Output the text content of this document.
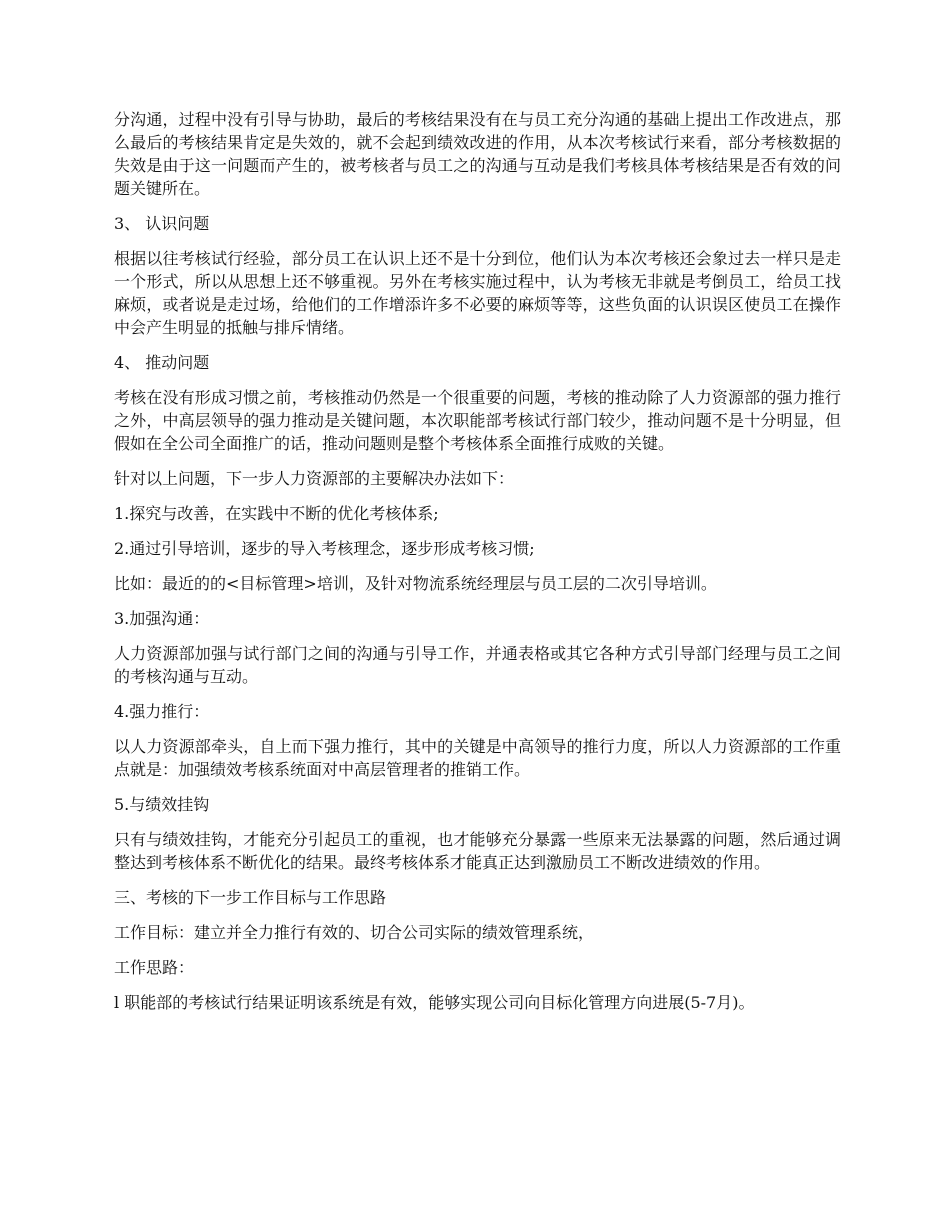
分沟通，过程中没有引导与协助，最后的考核结果没有在与员工充分沟通的基础上提出工作改进点，那么最后的考核结果肯定是失效的，就不会起到绩效改进的作用，从本次考核试行来看，部分考核数据的失效是由于这一问题而产生的，被考核者与员工之的沟通与互动是我们考核具体考核结果是否有效的问题关键所在。

3、 认识问题

根据以往考核试行经验，部分员工在认识上还不是十分到位，他们认为本次考核还会象过去一样只是走一个形式，所以从思想上还不够重视。另外在考核实施过程中，认为考核无非就是考倒员工，给员工找麻烦，或者说是走过场，给他们的工作增添许多不必要的麻烦等等，这些负面的认识误区使员工在操作中会产生明显的抵触与排斥情绪。

4、 推动问题

考核在没有形成习惯之前，考核推动仍然是一个很重要的问题，考核的推动除了人力资源部的强力推行之外，中高层领导的强力推动是关键问题，本次职能部考核试行部门较少，推动问题不是十分明显，但假如在全公司全面推广的话，推动问题则是整个考核体系全面推行成败的关键。

针对以上问题，下一步人力资源部的主要解决办法如下：

1.探究与改善，在实践中不断的优化考核体系;

2.通过引导培训，逐步的导入考核理念，逐步形成考核习惯;

比如：最近的的<目标管理>培训，及针对物流系统经理层与员工层的二次引导培训。

3.加强沟通：

人力资源部加强与试行部门之间的沟通与引导工作，并通表格或其它各种方式引导部门经理与员工之间的考核沟通与互动。

4.强力推行：

以人力资源部牵头，自上而下强力推行，其中的关键是中高领导的推行力度，所以人力资源部的工作重点就是：加强绩效考核系统面对中高层管理者的推销工作。

5.与绩效挂钩

只有与绩效挂钩，才能充分引起员工的重视，也才能够充分暴露一些原来无法暴露的问题，然后通过调整达到考核体系不断优化的结果。最终考核体系才能真正达到激励员工不断改进绩效的作用。

三、考核的下一步工作目标与工作思路

工作目标：建立并全力推行有效的、切合公司实际的绩效管理系统，

工作思路：

l 职能部的考核试行结果证明该系统是有效，能够实现公司向目标化管理方向进展(5-7月)。
